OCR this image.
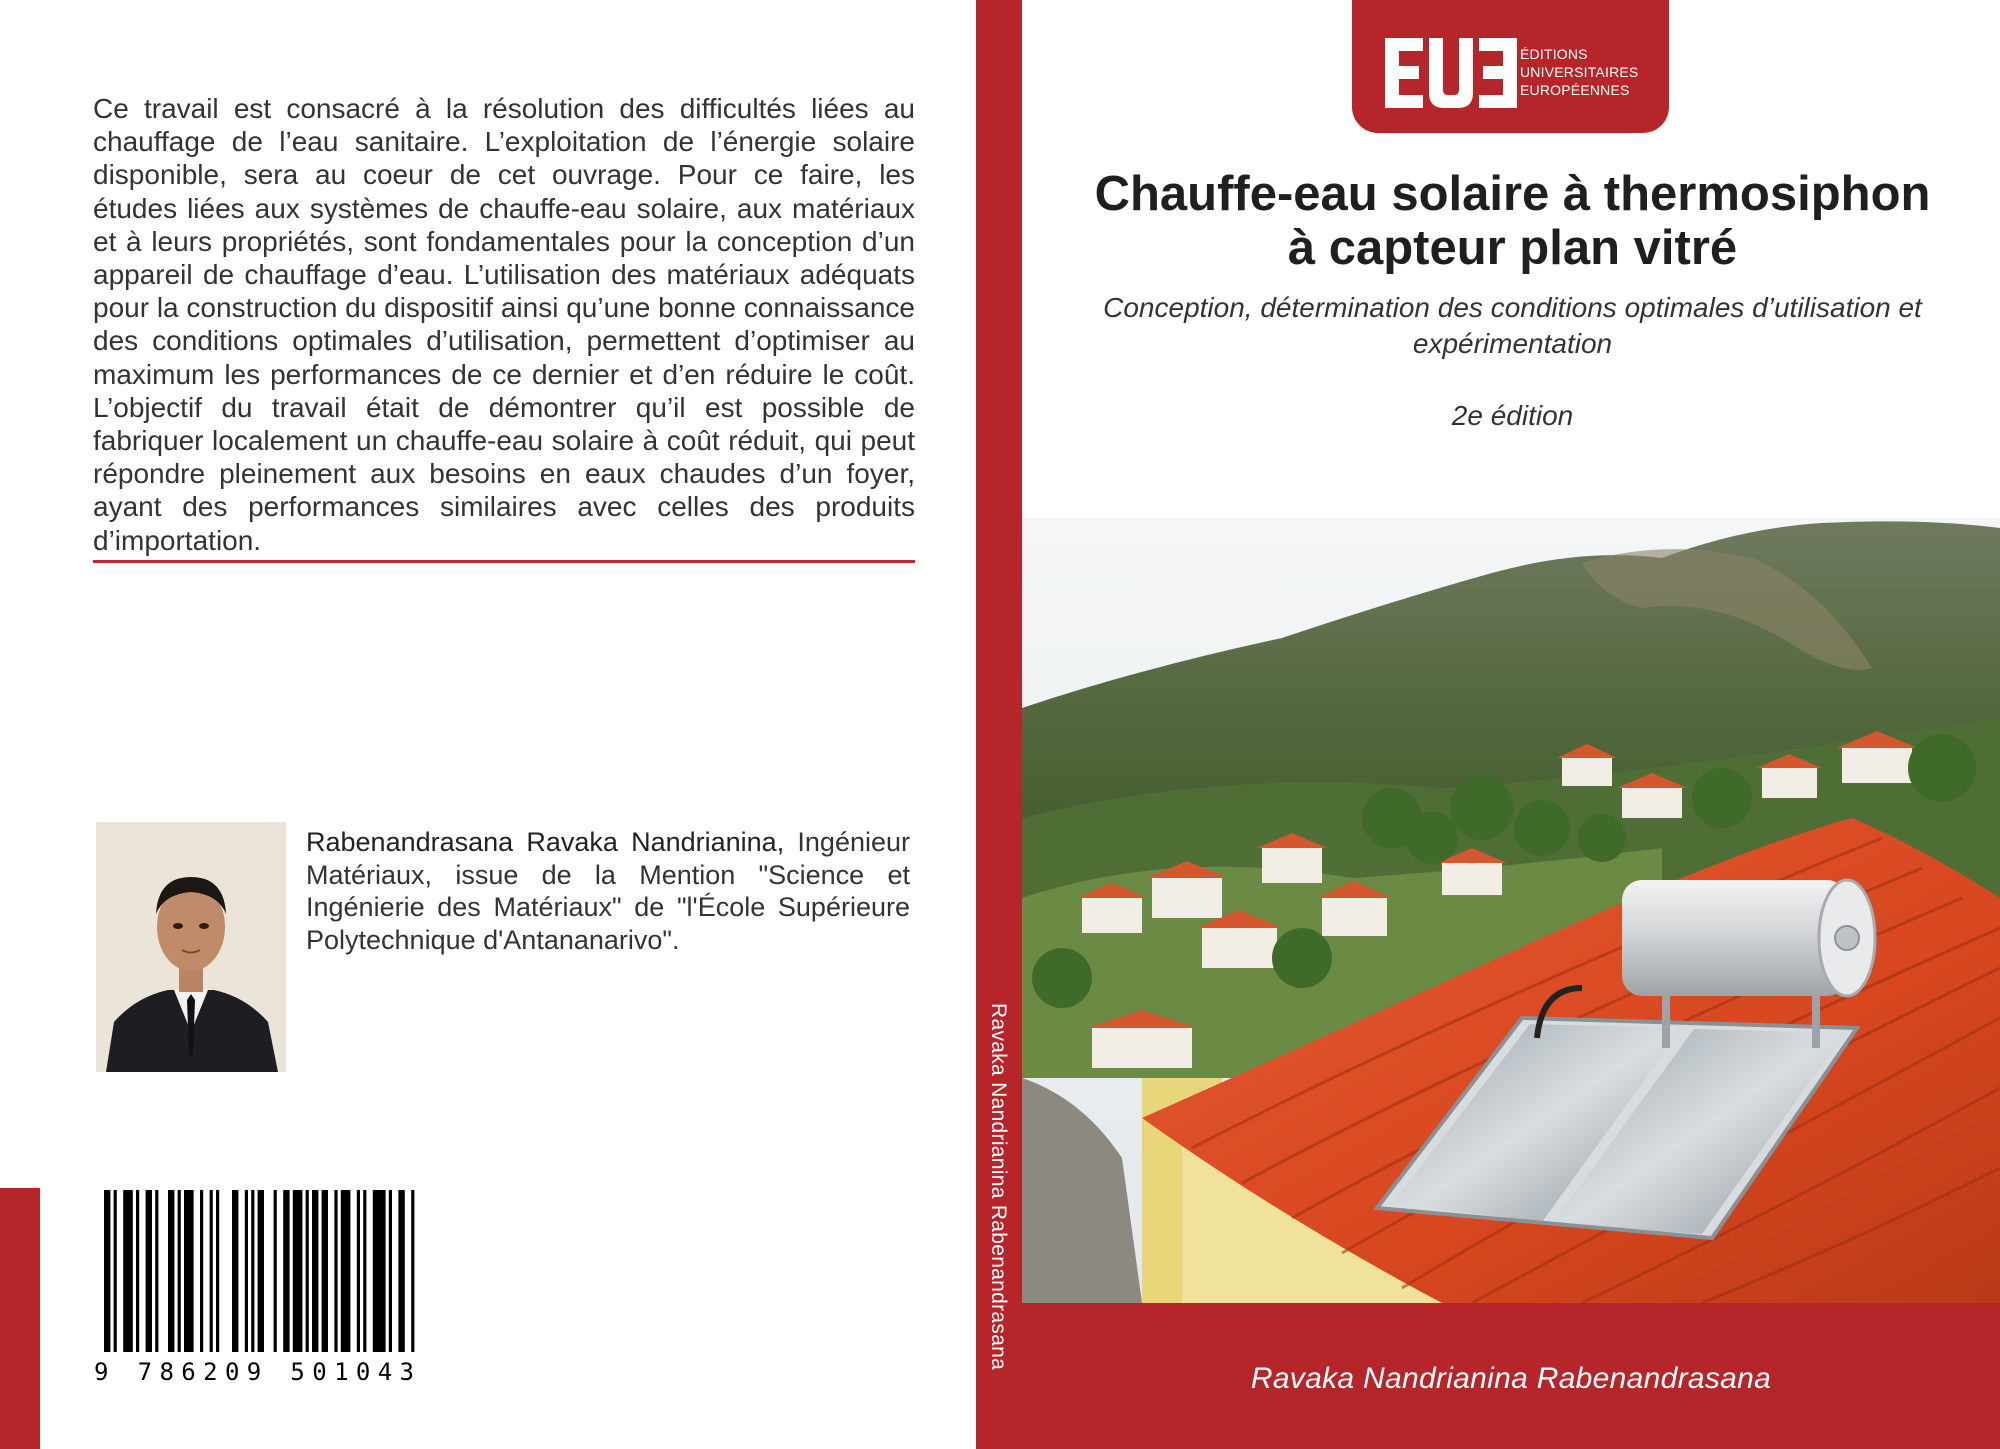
Ce travail est consacré à la résolution des difficultés liées au chauffage de l’eau sanitaire. L’exploitation de l’énergie solaire disponible, sera au coeur de cet ouvrage. Pour ce faire, les études liées aux systèmes de chauffe-eau solaire, aux matériaux et à leurs propriétés, sont fondamentales pour la conception d’un appareil de chauffage d’eau. L’utilisation des matériaux adéquats pour la construction du dispositif ainsi qu’une bonne connaissance des conditions optimales d’utilisation, permettent d’optimiser au maximum les performances de ce dernier et d’en réduire le coût. L’objectif du travail était de démontrer qu’il est possible de fabriquer localement un chauffe-eau solaire à coût réduit, qui peut répondre pleinement aux besoins en eaux chaudes d’un foyer, ayant des performances similaires avec celles des produits d’importation.

Rabenandrasana Ravaka Nandrianina, Ingénieur Matériaux, issue de la Mention "Science et Ingénierie des Matériaux" de "l'École Supérieure Polytechnique d'Antananarivo".

9 786209 501043
Ravaka Nandrianina Rabenandrasana
ÉDITIONS
UNIVERSITAIRES
EUROPÉENNES
Chauffe-eau solaire à thermosiphon
à capteur plan vitré

Conception, détermination des conditions optimales d’utilisation et expérimentation

2e édition

Ravaka Nandrianina Rabenandrasana
